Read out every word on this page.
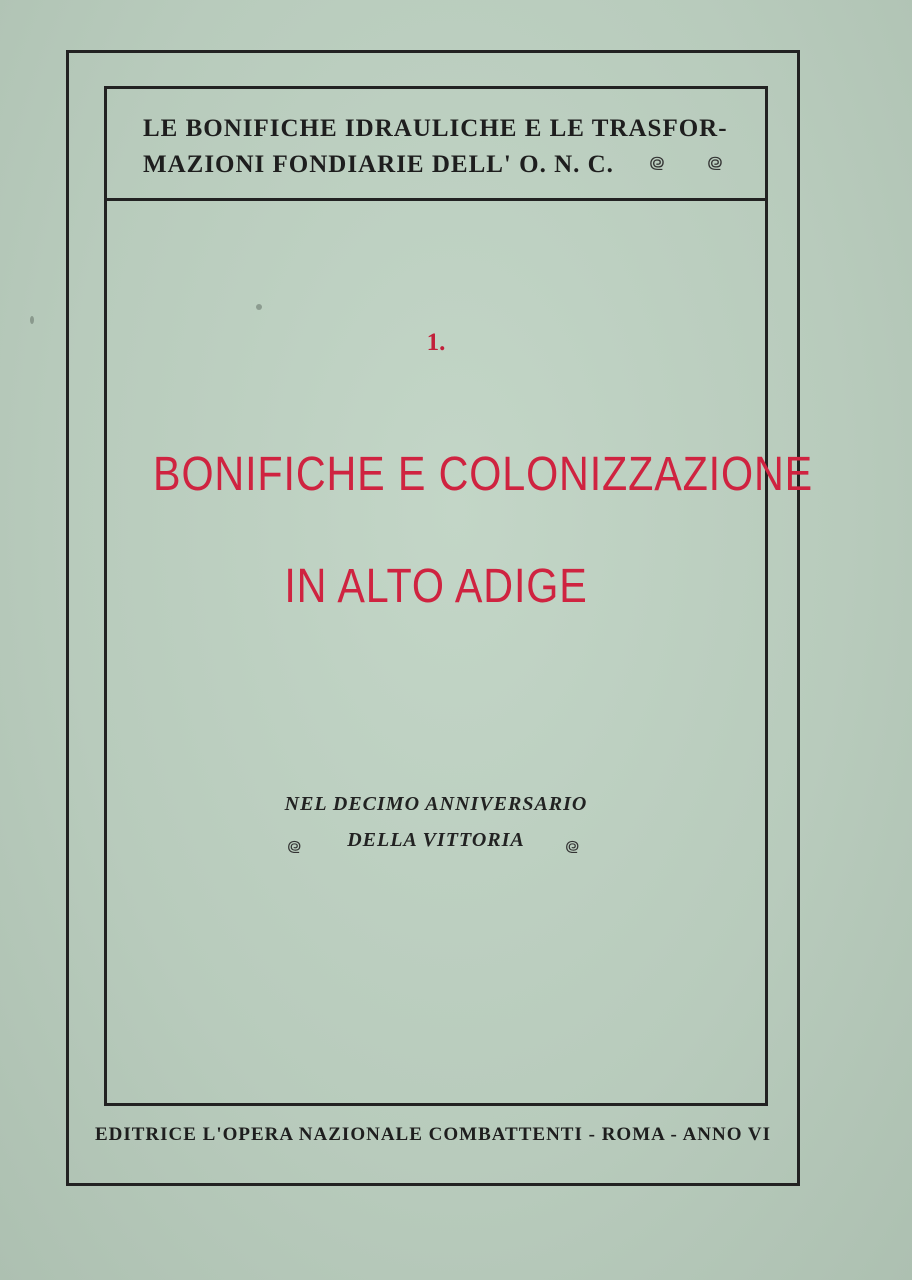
LE BONIFICHE IDRAULICHE E LE TRASFOR-
MAZIONI FONDIARIE DELL' O. N. C. ᪤ ᪤
1.
BONIFICHE E COLONIZZAZIONE
IN ALTO ADIGE
NEL DECIMO ANNIVERSARIO
DELLA VITTORIA
᪤	᪤
EDITRICE L'OPERA NAZIONALE COMBATTENTI - ROMA - ANNO VI
